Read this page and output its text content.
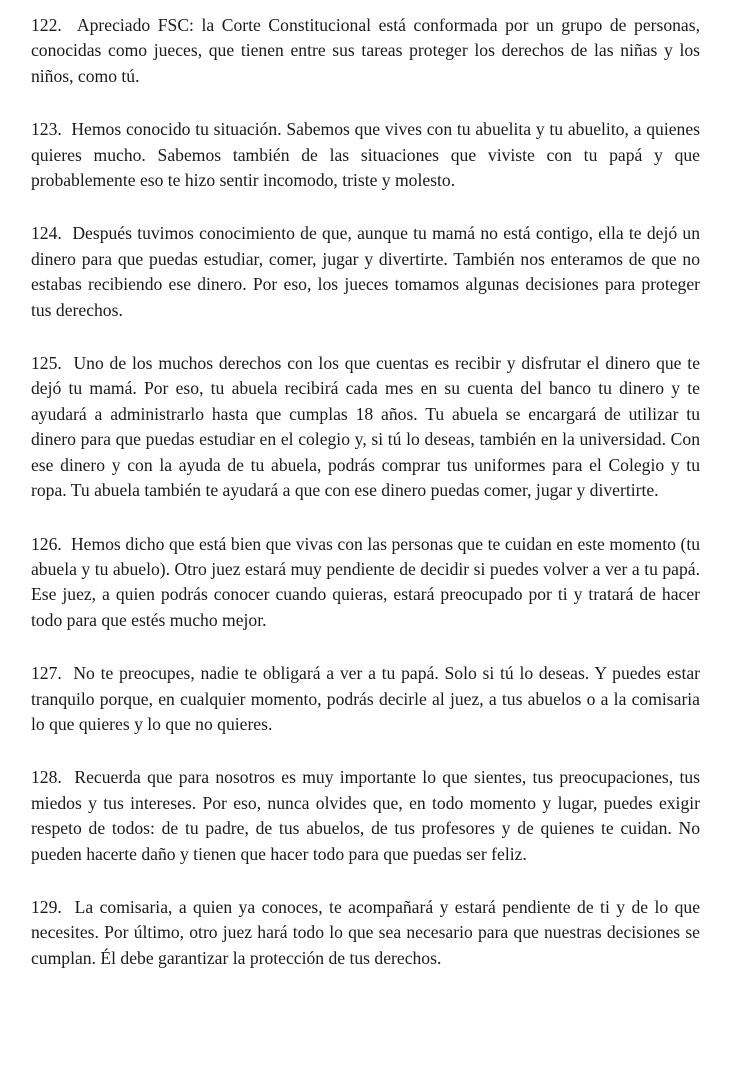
122. Apreciado FSC: la Corte Constitucional está conformada por un grupo de personas, conocidas como jueces, que tienen entre sus tareas proteger los derechos de las niñas y los niños, como tú.

123. Hemos conocido tu situación. Sabemos que vives con tu abuelita y tu abuelito, a quienes quieres mucho. Sabemos también de las situaciones que viviste con tu papá y que probablemente eso te hizo sentir incomodo, triste y molesto.

124. Después tuvimos conocimiento de que, aunque tu mamá no está contigo, ella te dejó un dinero para que puedas estudiar, comer, jugar y divertirte. También nos enteramos de que no estabas recibiendo ese dinero. Por eso, los jueces tomamos algunas decisiones para proteger tus derechos.

125. Uno de los muchos derechos con los que cuentas es recibir y disfrutar el dinero que te dejó tu mamá. Por eso, tu abuela recibirá cada mes en su cuenta del banco tu dinero y te ayudará a administrarlo hasta que cumplas 18 años. Tu abuela se encargará de utilizar tu dinero para que puedas estudiar en el colegio y, si tú lo deseas, también en la universidad. Con ese dinero y con la ayuda de tu abuela, podrás comprar tus uniformes para el Colegio y tu ropa. Tu abuela también te ayudará a que con ese dinero puedas comer, jugar y divertirte.

126. Hemos dicho que está bien que vivas con las personas que te cuidan en este momento (tu abuela y tu abuelo). Otro juez estará muy pendiente de decidir si puedes volver a ver a tu papá. Ese juez, a quien podrás conocer cuando quieras, estará preocupado por ti y tratará de hacer todo para que estés mucho mejor.

127. No te preocupes, nadie te obligará a ver a tu papá. Solo si tú lo deseas. Y puedes estar tranquilo porque, en cualquier momento, podrás decirle al juez, a tus abuelos o a la comisaria lo que quieres y lo que no quieres.

128. Recuerda que para nosotros es muy importante lo que sientes, tus preocupaciones, tus miedos y tus intereses. Por eso, nunca olvides que, en todo momento y lugar, puedes exigir respeto de todos: de tu padre, de tus abuelos, de tus profesores y de quienes te cuidan. No pueden hacerte daño y tienen que hacer todo para que puedas ser feliz.

129. La comisaria, a quien ya conoces, te acompañará y estará pendiente de ti y de lo que necesites. Por último, otro juez hará todo lo que sea necesario para que nuestras decisiones se cumplan. Él debe garantizar la protección de tus derechos.
